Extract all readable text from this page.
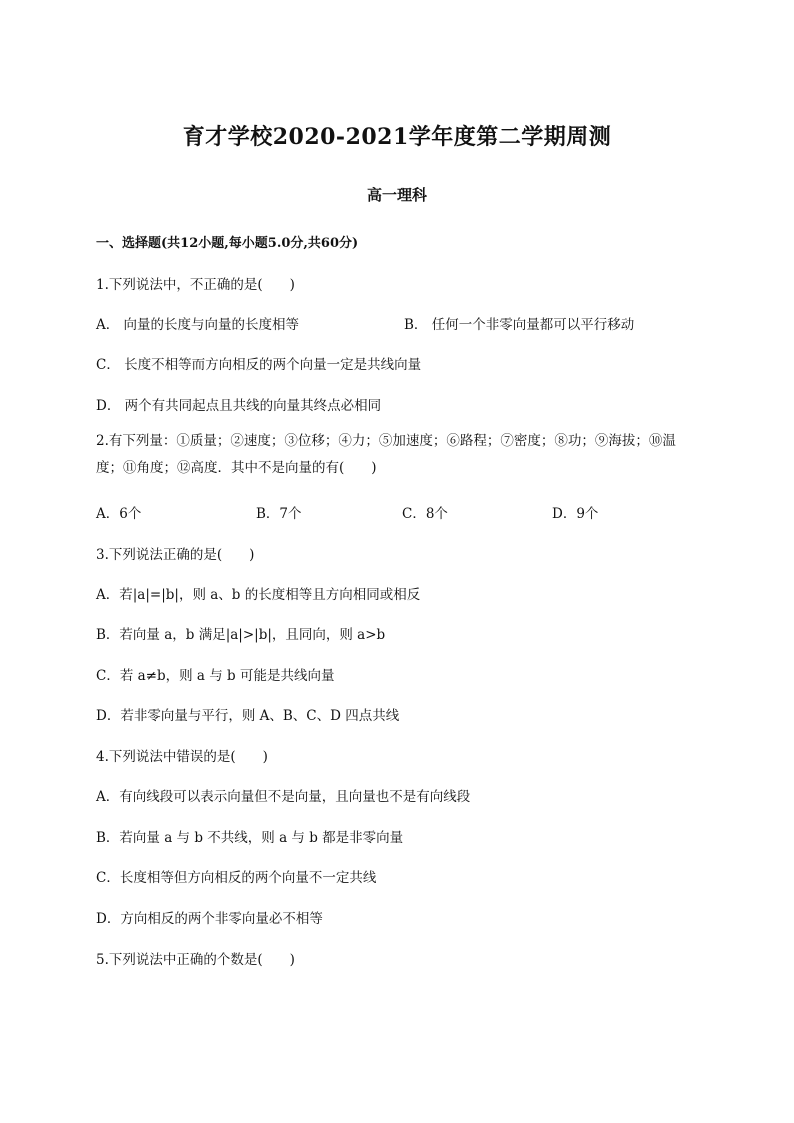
育才学校2020-2021学年度第二学期周测
高一理科
一、选择题(共12小题,每小题5.0分,共60分)
1.下列说法中，不正确的是(　　)
A． 向量的长度与向量的长度相等	B． 任何一个非零向量都可以平行移动
C． 长度不相等而方向相反的两个向量一定是共线向量
D． 两个有共同起点且共线的向量其终点必相同
2.有下列量：①质量；②速度；③位移；④力；⑤加速度；⑥路程；⑦密度；⑧功；⑨海拔；⑩温度；⑪角度；⑫高度．其中不是向量的有(　　)
A．6个	B．7个	C．8个	D．9个
3.下列说法正确的是(　　)
A．若|a|=|b|，则 a、b 的长度相等且方向相同或相反
B．若向量 a，b 满足|a|>|b|，且同向，则 a>b
C．若 a≠b，则 a 与 b 可能是共线向量
D．若非零向量与平行，则 A、B、C、D 四点共线
4.下列说法中错误的是(　　)
A．有向线段可以表示向量但不是向量，且向量也不是有向线段
B．若向量 a 与 b 不共线，则 a 与 b 都是非零向量
C．长度相等但方向相反的两个向量不一定共线
D．方向相反的两个非零向量必不相等
5.下列说法中正确的个数是(　　)
